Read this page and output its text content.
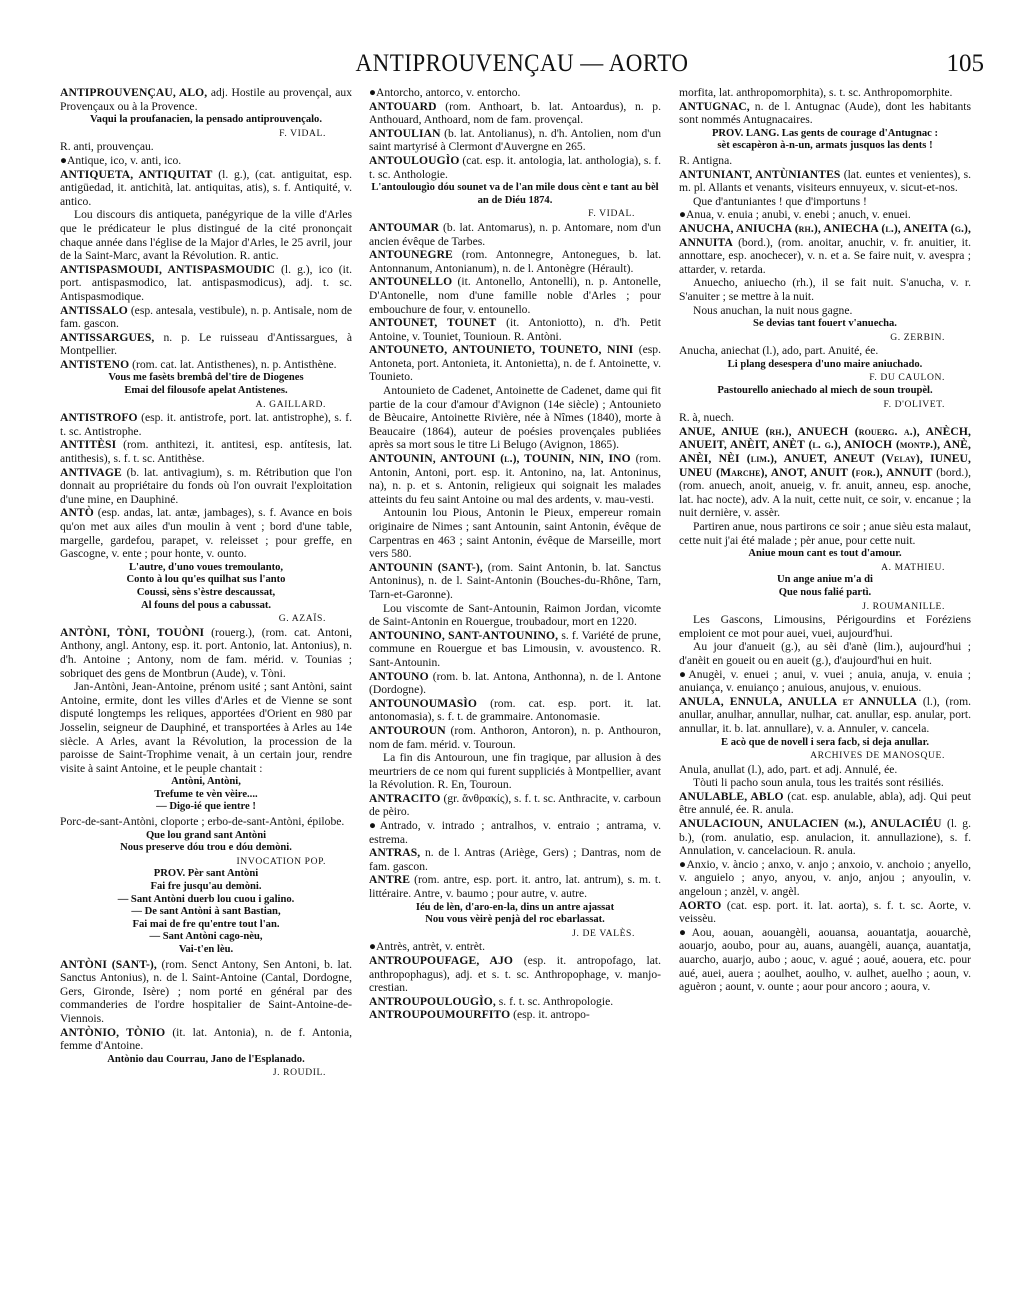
ANTIPROUVENÇAU — AORTO	105
ANTIPROUVENÇAU, ALO, adj. Hostile au provençal, aux Provençaux ou à la Provence.
Vaqui la proufanacien, la pensado antiprouvençalo.
F. VIDAL.
R. anti, prouvençau.
●Antique, ico, v. anti, ico.
ANTIQUETA, ANTIQUITAT (l. g.), (cat. antiguitat, esp. antigüedad, it. antichità, lat. antiquitas, atis), s. f. Antiquité, v. antico.
Lou discours dis antiqueta, panégyrique de la ville d'Arles que le prédicateur le plus distingué de la cité prononçait chaque année dans l'église de la Major d'Arles, le 25 avril, jour de la Saint-Marc, avant la Révolution. R. antic.
ANTISPASMOUDI, ANTISPASMOUDIC (l. g.), ico (it. port. antispasmodico, lat. antispasmodicus), adj. t. sc. Antispasmodique.
ANTISSALO (esp. antesala, vestibule), n. p. Antisale, nom de fam. gascon.
ANTISSARGUES, n. p. Le ruisseau d'Antissargues, à Montpellier.
ANTISTENO (rom. cat. lat. Antisthenes), n. p. Antisthène.
Vous me fasèts brembâ del'tire de Diogenes
Emai del filousofe apelat Antistenes.
A. GAILLARD.
ANTISTROFO (esp. it. antistrofe, port. lat. antistrophe), s. f. t. sc. Antistrophe.
ANTITÈSI (rom. anthitezi, it. antitesi, esp. antítesis, lat. antithesis), s. f. t. sc. Antithèse.
ANTIVAGE (b. lat. antivagium), s. m. Rétribution que l'on donnait au propriétaire du fonds où l'on ouvrait l'exploitation d'une mine, en Dauphiné.
ANTÒ (esp. andas, lat. antæ, jambages), s. f. Avance en bois qu'on met aux ailes d'un moulin à vent ; bord d'une table, margelle, gardefou, parapet, v. releisset ; pour greffe, en Gascogne, v. ente ; pour honte, v. ounto.
L'autre, d'uno voues tremoulanto,
Conto à lou qu'es quilhat sus l'anto
Coussi, sèns s'èstre descaussat,
Al founs del pous a cabussat.
G. AZAÏS.
ANTÒNI, TÒNI, TOUÒNI (rouerg.), (rom. cat. Antoni, Anthony, angl. Antony, esp. it. port. Antonio, lat. Antonius), n. d'h. Antoine ; Antony, nom de fam. mérid. v. Tounias ; sobriquet des gens de Montbrun (Aude), v. Tòni.
Jan-Antòni, Jean-Antoine, prénom usité ; sant Antòni, saint Antoine, ermite, dont les villes d'Arles et de Vienne se sont disputé longtemps les reliques, apportées d'Orient en 980 par Josselin, seigneur de Dauphiné, et transportées à Arles au 14e siècle. A Arles, avant la Révolution, la procession de la paroisse de Saint-Trophime venait, à un certain jour, rendre visite à saint Antoine, et le peuple chantait :
Antòni, Antòni,
Trefume te vèn vèire....
— Digo-ié que ientre !
Porc-de-sant-Antòni, cloporte ; erbo-de-sant-Antòni, épilobe.
Que lou grand sant Antòni
Nous preserve dóu trou e dóu demòni.
INVOCATION POP.
PROV. Pèr sant Antòni
Fai fre jusqu'au demòni.
— Sant Antòni duerb lou cuou i galino.
— De sant Antòni à sant Bastian,
Fai mai de fre qu'entre tout l'an.
— Sant Antòni cago-nèu,
Vai-t'en lèu.
ANTÒNI (SANT-), (rom. Senct Antony, Sen Antoni, b. lat. Sanctus Antonius), n. de l. Saint-Antoine (Cantal, Dordogne, Gers, Gironde, Isère) ; nom porté en général par des commanderies de l'ordre hospitalier de Saint-Antoine-de-Viennois.
ANTÒNIO, TÒNIO (it. lat. Antonia), n. de f. Antonia, femme d'Antoine.
Antònio dau Courrau, Jano de l'Esplanado.
J. ROUDIL.
●Antorcho, antorco, v. entorcho.
ANTOUARD (rom. Anthoart, b. lat. Antoardus), n. p. Anthouard, Anthoard, nom de fam. provençal.
ANTOULIAN (b. lat. Antolianus), n. d'h. Antolien, nom d'un saint martyrisé à Clermont d'Auvergne en 265.
ANTOULOUGÌO (cat. esp. it. antologia, lat. anthologia), s. f. t. sc. Anthologie.
L'antoulougìo dóu sounet va de l'an mile dous cènt e tant au bèl an de Diéu 1874.
F. VIDAL.
ANTOUMAR (b. lat. Antomarus), n. p. Antomare, nom d'un ancien évêque de Tarbes.
ANTOUNEGRE (rom. Antonnegre, Antonegues, b. lat. Antonnanum, Antonianum), n. de l. Antonègre (Hérault).
ANTOUNELLO (it. Antonello, Antonelli), n. p. Antonelle, D'Antonelle, nom d'une famille noble d'Arles ; pour embouchure de four, v. entounello.
ANTOUNET, TOUNET (it. Antoniotto), n. d'h. Petit Antoine, v. Touniet, Tounioun. R. Antòni.
ANTOUNETO, ANTOUNIETO, TOUNETO, NINI (esp. Antoneta, port. Antonieta, it. Antonietta), n. de f. Antoinette, v. Tounieto.
Antounieto de Cadenet, Antoinette de Cadenet, dame qui fit partie de la cour d'amour d'Avignon (14e siècle) ; Antounieto de Bèucaire, Antoinette Rivière, née à Nîmes (1840), morte à Beaucaire (1864), auteur de poésies provençales publiées après sa mort sous le titre Li Belugo (Avignon, 1865).
ANTOUNIN, ANTOUNI (l.), TOUNIN, NIN, INO (rom. Antonin, Antoni, port. esp. it. Antonino, na, lat. Antoninus, na), n. p. et s. Antonin, religieux qui soignait les malades atteints du feu saint Antoine ou mal des ardents, v. mau-vesti.
Antounin lou Pious, Antonin le Pieux, empereur romain originaire de Nimes ; sant Antounin, saint Antonin, évêque de Carpentras en 463 ; saint Antonin, évêque de Marseille, mort vers 580.
ANTOUNIN (SANT-), (rom. Saint Antonin, b. lat. Sanctus Antoninus), n. de l. Saint-Antonin (Bouches-du-Rhône, Tarn, Tarn-et-Garonne).
Lou viscomte de Sant-Antounin, Raimon Jordan, vicomte de Saint-Antonin en Rouergue, troubadour, mort en 1220.
ANTOUNINO, SANT-ANTOUNINO, s. f. Variété de prune, commune en Rouergue et bas Limousin, v. avoustenco. R. Sant-Antounin.
ANTOUNO (rom. b. lat. Antona, Anthonna), n. de l. Antone (Dordogne).
ANTOUNOUMASÌO (rom. cat. esp. port. it. lat. antonomasia), s. f. t. de grammaire. Antonomasie.
ANTOUROUN (rom. Anthoron, Antoron), n. p. Anthouron, nom de fam. mérid. v. Touroun.
La fin dis Antouroun, une fin tragique, par allusion à des meurtriers de ce nom qui furent suppliciés à Montpellier, avant la Révolution. R. En, Touroun.
ANTRACITO (gr. ἄνθρακίς), s. f. t. sc. Anthracite, v. carboun de pèiro.
●Antrado, v. intrado ; antralhos, v. entraio ; antrama, v. estrema.
ANTRAS, n. de l. Antras (Ariège, Gers) ; Dantras, nom de fam. gascon.
ANTRE (rom. antre, esp. port. it. antro, lat. antrum), s. m. t. littéraire. Antre, v. baumo ; pour autre, v. autre.
Iéu de lèn, d'aro-en-la, dins un antre ajassat
Nou vous vèirè penjà del roc ebarlassat.
J. DE VALÈS.
●Antrès, antrèt, v. entrèt.
ANTROUPOUFAGE, AJO (esp. it. antropofago, lat. anthropophagus), adj. et s. t. sc. Anthropophage, v. manjo-crestian.
ANTROUPOULOUGÌO, s. f. t. sc. Anthropologie.
ANTROUPOUMOURFITO (esp. it. antropo-
morfita, lat. anthropomorphita), s. t. sc. Anthropomorphite.
ANTUGNAC, n. de l. Antugnac (Aude), dont les habitants sont nommés Antugnacaires.
PROV. LANG. Las gents de courage d'Antugnac :
sèt escapèron à-n-un, armats jusquos las dents !
R. Antigna.
ANTUNIANT, ANTÙNIANTES (lat. euntes et venientes), s. m. pl. Allants et venants, visiteurs ennuyeux, v. sicut-et-nos.
Que d'antuniantes ! que d'importuns !
●Anua, v. enuia ; anubi, v. enebi ; anuch, v. enuei.
ANUCHA, ANIUCHA (rh.), ANIECHA (l.), ANEITA (g.), ANNUITA (bord.), (rom. anoitar, anuchir, v. fr. anuitier, it. annottare, esp. anochecer), v. n. et a. Se faire nuit, v. avespra ; attarder, v. retarda.
Anuecho, aniuecho (rh.), il se fait nuit. S'anucha, v. r. S'anuiter ; se mettre à la nuit.
Nous anuchan, la nuit nous gagne.
Se devias tant fouert v'anuecha.
G. ZERBIN.
Anucha, aniechat (l.), ado, part. Anuité, ée.
Li plang desespera d'uno maire aniuchado.
F. DU CAULON.
Pastourello aniechado al miech de soun troupèl.
F. D'OLIVET.
R. à, nuech.
ANUE, ANIUE (rh.), ANUECH (rouerg. a.), ANÈCH, ANUEIT, ANÈIT, ANÈT (l. g.), ANIOCH (montp.), ANÈ, ANÈI, NÈI (lim.), ANUET, ANEUT (Velay), IUNEU, UNEU (Marche), ANOT, ANUIT (for.), ANNUIT (bord.), (rom. anuech, anoit, anueig, v. fr. anuit, anneu, esp. anoche, lat. hac nocte), adv. A la nuit, cette nuit, ce soir, v. encanue ; la nuit dernière, v. assèr.
Partiren anue, nous partirons ce soir ; anue sièu esta malaut, cette nuit j'ai été malade ; pèr anue, pour cette nuit.
Aniue moun cant es tout d'amour.
A. MATHIEU.
Un ange aniue m'a di
Que nous falié partì.
J. ROUMANILLE.
Les Gascons, Limousins, Périgourdins et Foréziens emploient ce mot pour auei, vuei, aujourd'hui.
Au jour d'anueit (g.), au sèi d'anè (lim.), aujourd'hui ; d'anèit en goueit ou en aueit (g.), d'aujourd'hui en huit.
●Anugèi, v. enuei ; anui, v. vuei ; anuia, anuja, v. enuia ; anuiança, v. enuianço ; anuious, anujous, v. enuious.
ANULA, ENNULA, ANULLA et ANNULLA (l.), (rom. anullar, anulhar, annullar, nulhar, cat. anullar, esp. anular, port. annullar, it. b. lat. annullare), v. a. Annuler, v. cancela.
E acò que de novell i sera facb, si deja anullar.
ARCHIVES DE MANOSQUE.
Anula, anullat (l.), ado, part. et adj. Annulé, ée.
Tòuti li pacho soun anula, tous les traités sont résiliés.
ANULABLE, ABLO (cat. esp. anulable, abla), adj. Qui peut être annulé, ée. R. anula.
ANULACIOUN, ANULACIEN (m.), ANULACIÉU (l. g. b.), (rom. anulatio, esp. anulacion, it. annullazione), s. f. Annulation, v. cancelacioun. R. anula.
●Anxio, v. àncio ; anxo, v. anjo ; anxoio, v. anchoio ; anyello, v. anguielo ; anyo, anyou, v. anjo, anjou ; anyoulin, v. angeloun ; anzèl, v. angèl.
AORTO (cat. esp. port. it. lat. aorta), s. f. t. sc. Aorte, v. veissèu.
●Aou, aouan, aouangèli, aouansa, aouantatja, aouarchè, aouarjo, aoubo, pour au, auans, auangèli, auança, auantatja, auarcho, auarjo, aubo ; aouc, v. agué ; aoué, aouera, etc. pour aué, auei, auera ; aoulhet, aoulho, v. aulhet, auelho ; aoun, v. aguèron ; aount, v. ounte ; aour pour ancoro ; aoura, v.
